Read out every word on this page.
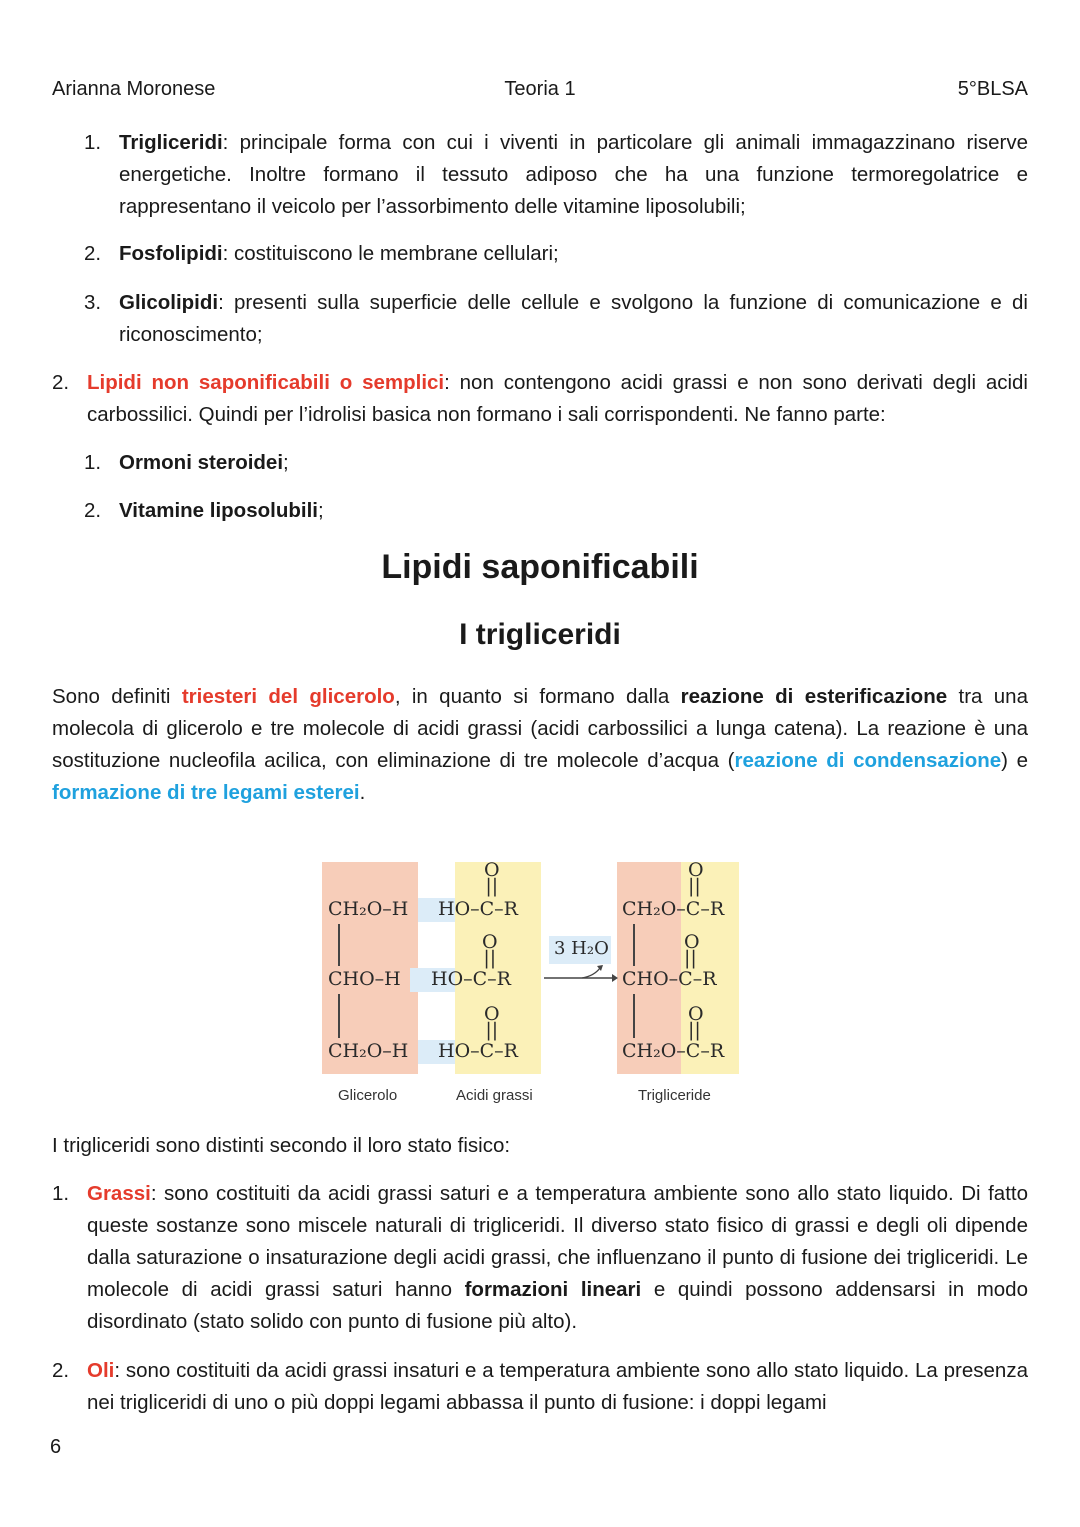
Arianna Moronese	Teoria 1	5°BLSA
1. Trigliceridi: principale forma con cui i viventi in particolare gli animali immagazzinano riserve energetiche. Inoltre formano il tessuto adiposo che ha una funzione termoregolatrice e rappresentano il veicolo per l’assorbimento delle vitamine liposolubili;
2. Fosfolipidi: costituiscono le membrane cellulari;
3. Glicolipidi: presenti sulla superficie delle cellule e svolgono la funzione di comunicazione e di riconoscimento;
2. Lipidi non saponificabili o semplici: non contengono acidi grassi e non sono derivati degli acidi carbossilici. Quindi per l’idrolisi basica non formano i sali corrispondenti. Ne fanno parte:
1. Ormoni steroidei;
2. Vitamine liposolubili;
Lipidi saponificabili
I trigliceridi
Sono definiti triesteri del glicerolo, in quanto si formano dalla reazione di esterificazione tra una molecola di glicerolo e tre molecole di acidi grassi (acidi carbossilici a lunga catena). La reazione è una sostituzione nucleofila acilica, con eliminazione di tre molecole d’acqua (reazione di condensazione) e formazione di tre legami esterei.
CH₂O–H
CHO–H
CH₂O–H
O
||
HO–C–R
O
||
HO–C–R
O
||
HO–C–R
3 H₂O
O
||
CH₂O–C–R
O
||
CHO–C–R
O
||
CH₂O–C–R
Glicerolo	Acidi grassi	Trigliceride
I trigliceridi sono distinti secondo il loro stato fisico:
1. Grassi: sono costituiti da acidi grassi saturi e a temperatura ambiente sono allo stato liquido. Di fatto queste sostanze sono miscele naturali di trigliceridi. Il diverso stato fisico di grassi e degli oli dipende dalla saturazione o insaturazione degli acidi grassi, che influenzano il punto di fusione dei trigliceridi. Le molecole di acidi grassi saturi hanno formazioni lineari e quindi possono addensarsi in modo disordinato (stato solido con punto di fusione più alto).
2. Oli: sono costituiti da acidi grassi insaturi e a temperatura ambiente sono allo stato liquido. La presenza nei trigliceridi di uno o più doppi legami abbassa il punto di fusione: i doppi legami
6
